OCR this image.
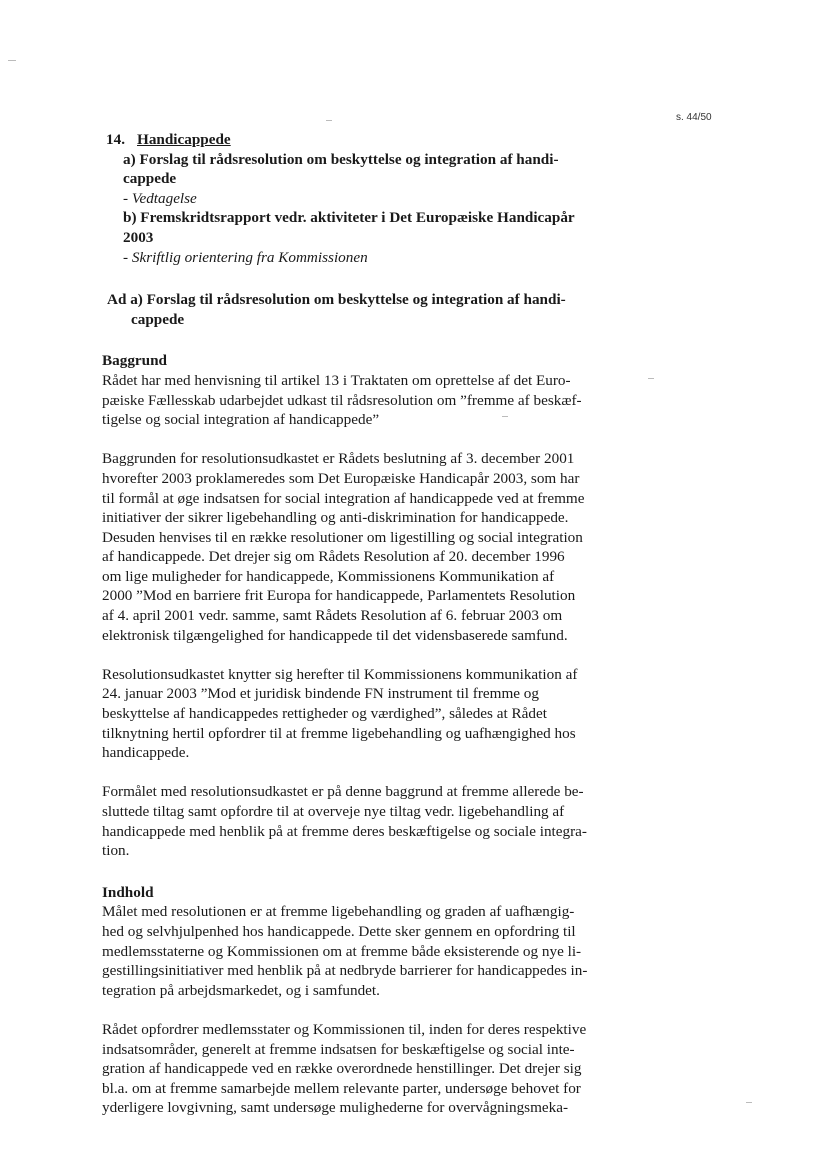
s. 44/50
14. Handicappede
a) Forslag til rådsresolution om beskyttelse og integration af handi-
cappede
- Vedtagelse
b) Fremskridtsrapport vedr. aktiviteter i Det Europæiske Handicapår
2003
- Skriftlig orientering fra Kommissionen
Ad a) Forslag til rådsresolution om beskyttelse og integration af handi-
cappede
Baggrund

Rådet har med henvisning til artikel 13 i Traktaten om oprettelse af det Euro-
pæiske Fællesskab udarbejdet udkast til rådsresolution om ”fremme af beskæf-
tigelse og social integration af handicappede”

Baggrunden for resolutionsudkastet er Rådets beslutning af 3. december 2001
hvorefter 2003 proklameredes som Det Europæiske Handicapår 2003, som har
til formål at øge indsatsen for social integration af handicappede ved at fremme
initiativer der sikrer ligebehandling og anti-diskrimination for handicappede.
Desuden henvises til en række resolutioner om ligestilling og social integration
af handicappede. Det drejer sig om Rådets Resolution af 20. december 1996
om lige muligheder for handicappede, Kommissionens Kommunikation af
2000 ”Mod en barriere frit Europa for handicappede, Parlamentets Resolution
af 4. april 2001 vedr. samme, samt Rådets Resolution af 6. februar 2003 om
elektronisk tilgængelighed for handicappede til det vidensbaserede samfund.

Resolutionsudkastet knytter sig herefter til Kommissionens kommunikation af
24. januar 2003 ”Mod et juridisk bindende FN instrument til fremme og
beskyttelse af handicappedes rettigheder og værdighed”, således at Rådet
tilknytning hertil opfordrer til at fremme ligebehandling og uafhængighed hos
handicappede.

Formålet med resolutionsudkastet er på denne baggrund at fremme allerede be-
sluttede tiltag samt opfordre til at overveje nye tiltag vedr. ligebehandling af
handicappede med henblik på at fremme deres beskæftigelse og sociale integra-
tion.

Indhold

Målet med resolutionen er at fremme ligebehandling og graden af uafhængig-
hed og selvhjulpenhed hos handicappede. Dette sker gennem en opfordring til
medlemsstaterne og Kommissionen om at fremme både eksisterende og nye li-
gestillingsinitiativer med henblik på at nedbryde barrierer for handicappedes in-
tegration på arbejdsmarkedet, og i samfundet.

Rådet opfordrer medlemsstater og Kommissionen til, inden for deres respektive
indsatsområder, generelt at fremme indsatsen for beskæftigelse og social inte-
gration af handicappede ved en række overordnede henstillinger. Det drejer sig
bl.a. om at fremme samarbejde mellem relevante parter, undersøge behovet for
yderligere lovgivning, samt undersøge mulighederne for overvågningsmeka-
